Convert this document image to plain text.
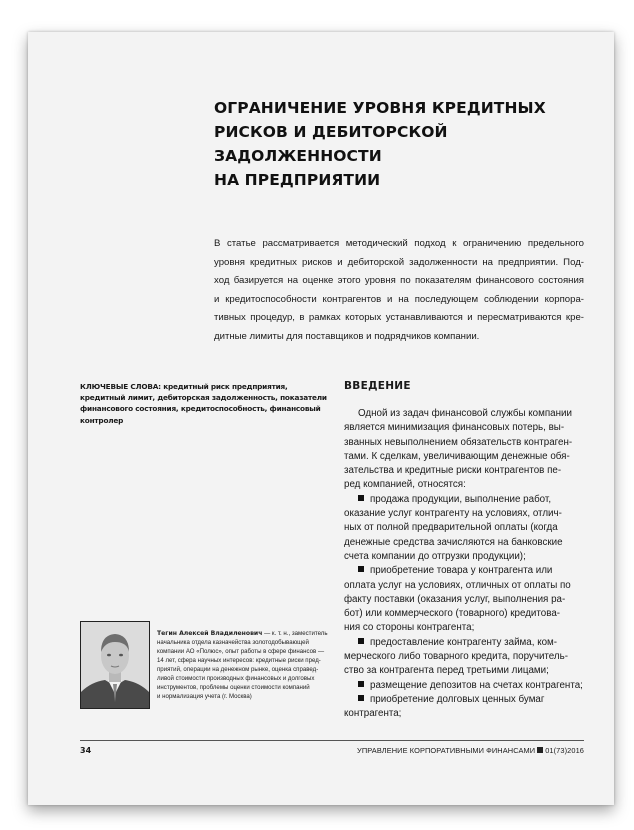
ОГРАНИЧЕНИЕ УРОВНЯ КРЕДИТНЫХ
РИСКОВ И ДЕБИТОРСКОЙ ЗАДОЛЖЕННОСТИ
НА ПРЕДПРИЯТИИ
В статье рассматривается методический подход к ограничению предельного
уровня кредитных рисков и дебиторской задолженности на предприятии. Под-
ход базируется на оценке этого уровня по показателям финансового состояния
и кредитоспособности контрагентов и на последующем соблюдении корпора-
тивных процедур, в рамках которых устанавливаются и пересматриваются кре-
дитные лимиты для поставщиков и подрядчиков компании.
КЛЮЧЕВЫЕ СЛОВА: кредитный риск предприятия, кредитный лимит, дебиторская задолженность, показатели финансового состояния, кредитоспособность, финансовый контролер
ВВЕДЕНИЕ
Одной из задач финансовой службы компании
является минимизация финансовых потерь, вы-
званных невыполнением обязательств контраген-
тами. К сделкам, увеличивающим денежные обя-
зательства и кредитные риски контрагентов пе-
ред компанией, относятся:
продажа продукции, выполнение работ,
оказание услуг контрагенту на условиях, отлич-
ных от полной предварительной оплаты (когда
денежные средства зачисляются на банковские
счета компании до отгрузки продукции);
приобретение товара у контрагента или
оплата услуг на условиях, отличных от оплаты по
факту поставки (оказания услуг, выполнения ра-
бот) или коммерческого (товарного) кредитова-
ния со стороны контрагента;
предоставление контрагенту займа, ком-
мерческого либо товарного кредита, поручитель-
ство за контрагента перед третьими лицами;
размещение депозитов на счетах контрагента;
приобретение долговых ценных бумаг
контрагента;
Тегин Алексей Владиленович — к. т. н., заместитель
начальника отдела казначейства золотодобывающей
компании АО «Полюс», опыт работы в сфере финансов —
14 лет, сфера научных интересов: кредитные риски пред-
приятий, операции на денежном рынке, оценка справед-
ливой стоимости производных финансовых и долговых
инструментов, проблемы оценки стоимости компаний
и нормализация учета (г. Москва)
34	УПРАВЛЕНИЕ КОРПОРАТИВНЫМИ ФИНАНСАМИ 01(73)2016
